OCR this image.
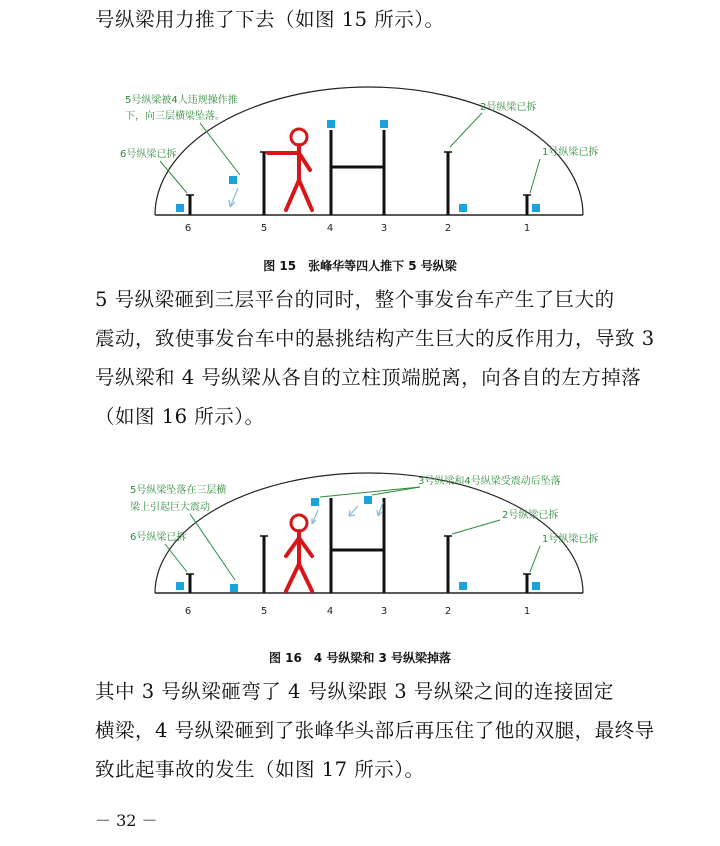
号纵梁用力推了下去（如图 15 所示）。

5号纵梁被4人违规操作推
下，向三层横梁坠落。
6号纵梁已拆
2号纵梁已拆
1号纵梁已拆
6	5	4	3	2	1
图 15　张峰华等四人推下 5 号纵梁

5 号纵梁砸到三层平台的同时，整个事发台车产生了巨大的

震动，致使事发台车中的悬挑结构产生巨大的反作用力，导致 3

号纵梁和 4 号纵梁从各自的立柱顶端脱离，向各自的左方掉落

（如图 16 所示）。

5号纵梁坠落在三层横
梁上引起巨大震动
6号纵梁已拆
3号纵梁和4号纵梁受震动后坠落
2号纵梁已拆
1号纵梁已拆
6	5	4	3	2	1
图 16　4 号纵梁和 3 号纵梁掉落

其中 3 号纵梁砸弯了 4 号纵梁跟 3 号纵梁之间的连接固定

横梁，4 号纵梁砸到了张峰华头部后再压住了他的双腿，最终导

致此起事故的发生（如图 17 所示）。

－ 32 －
